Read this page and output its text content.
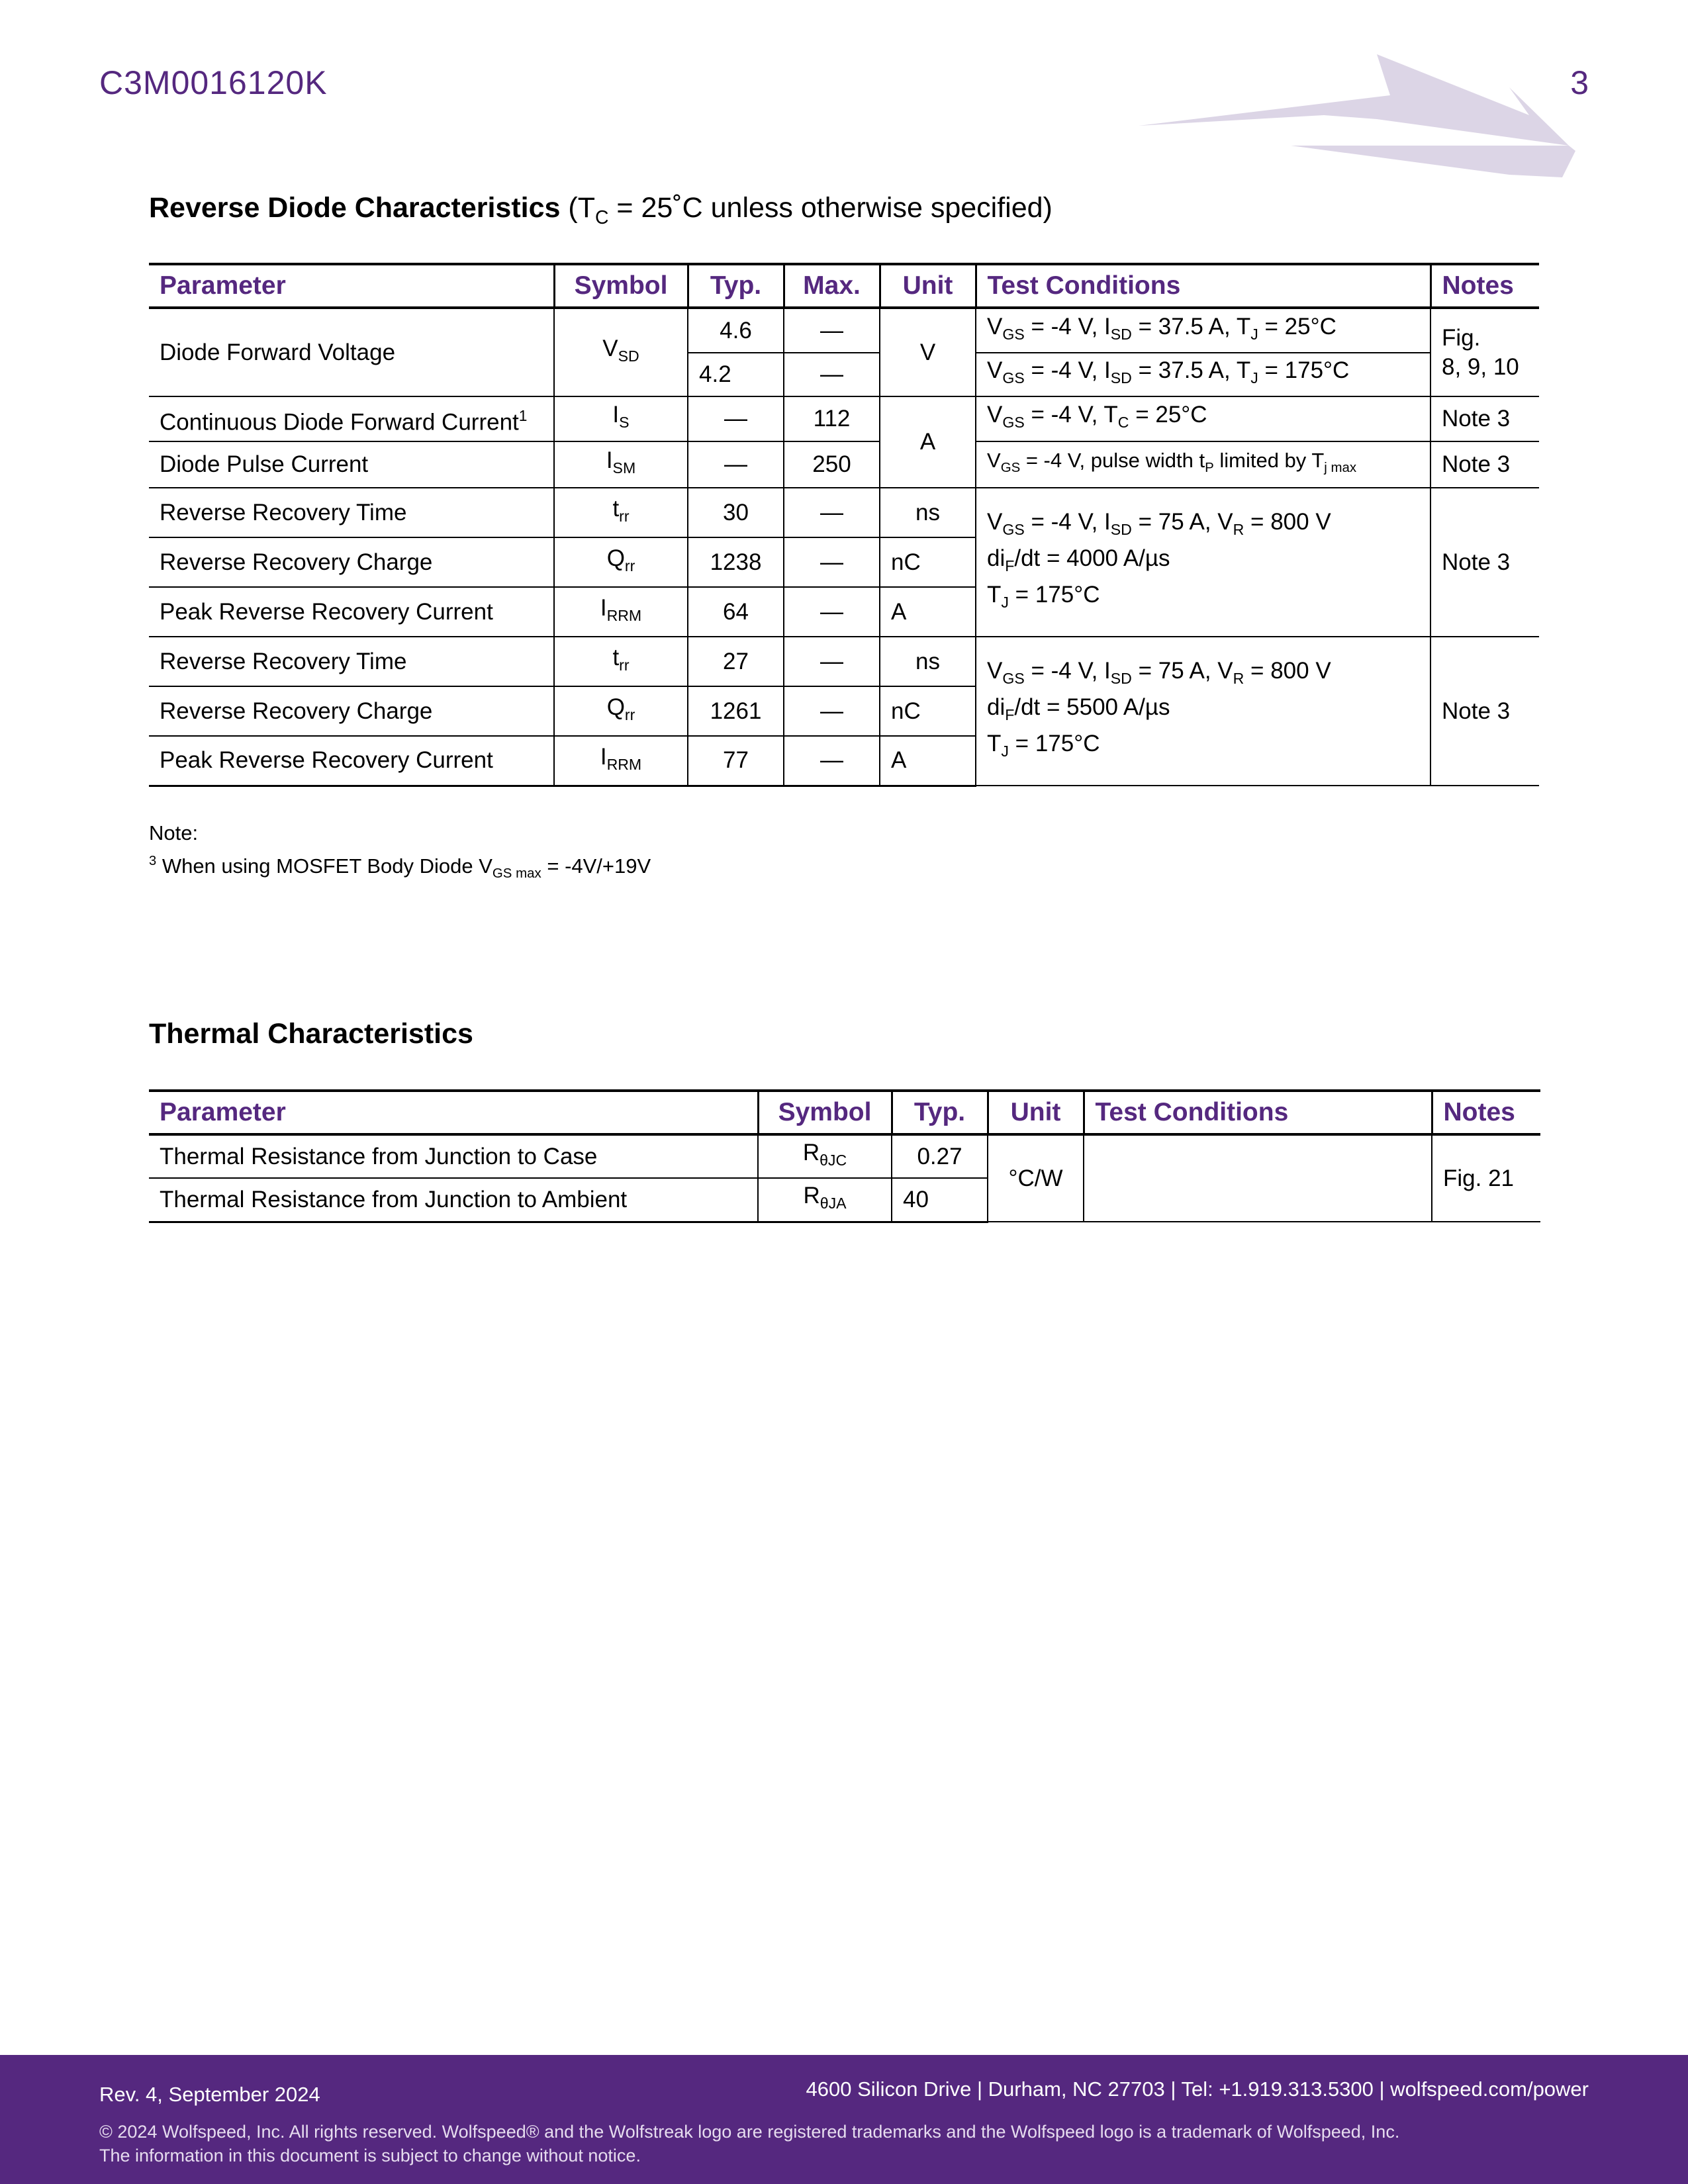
C3M0016120K	3
Reverse Diode Characteristics ($T_C$ = 25˚C unless otherwise specified)
Parameter	Symbol	Typ.	Max.	Unit	Test Conditions	Notes
Diode Forward Voltage	$V_{SD}$	4.6	—	V	$V_{GS} = -4$ V, $I_{SD} = 37.5$ A, $T_J = 25^\circ C$	Fig.
8, 9, 10
		4.2	—		$V_{GS} = -4$ V, $I_{SD} = 37.5$ A, $T_J = 175^\circ C$	
Continuous Diode Forward Current$^1$	$I_S$	—	112	A	$V_{GS} = -4$ V, $T_C = 25^\circ C$	Note 3
Diode Pulse Current	$I_{SM}$	—	250		$V_{GS} = -4$ V, pulse width $t_P$ limited by $T_{j max}$	Note 3
Reverse Recovery Time	$t_{rr}$	30	—	ns	$V_{GS} = -4$ V, $I_{SD} = 75$ A, $V_R = 800$ V
$di_F/dt = 4000$ A/µs
$T_J = 175^\circ C$	Note 3
Reverse Recovery Charge	$Q_{rr}$	1238	—	nC		
Peak Reverse Recovery Current	$I_{RRM}$	64	—	A		
Reverse Recovery Time	$t_{rr}$	27	—	ns	$V_{GS} = -4$ V, $I_{SD} = 75$ A, $V_R = 800$ V
$di_F/dt = 5500$ A/µs
$T_J = 175^\circ C$	Note 3
Reverse Recovery Charge	$Q_{rr}$	1261	—	nC		
Peak Reverse Recovery Current	$I_{RRM}$	77	—	A		
Note:
$^3$ When using MOSFET Body Diode $V_{GS max} = -4V/+19V$
Thermal Characteristics
Parameter	Symbol	Typ.	Unit	Test Conditions	Notes
Thermal Resistance from Junction to Case	$R_{\theta JC}$	0.27	°C/W		Fig. 21
Thermal Resistance from Junction to Ambient	$R_{\theta JA}$	40			
Rev. 4, September 2024	4600 Silicon Drive | Durham, NC 27703 | Tel: +1.919.313.5300 | wolfspeed.com/power
© 2024 Wolfspeed, Inc. All rights reserved. Wolfspeed® and the Wolfstreak logo are registered trademarks and the Wolfspeed logo is a trademark of Wolfspeed, Inc.
The information in this document is subject to change without notice.
